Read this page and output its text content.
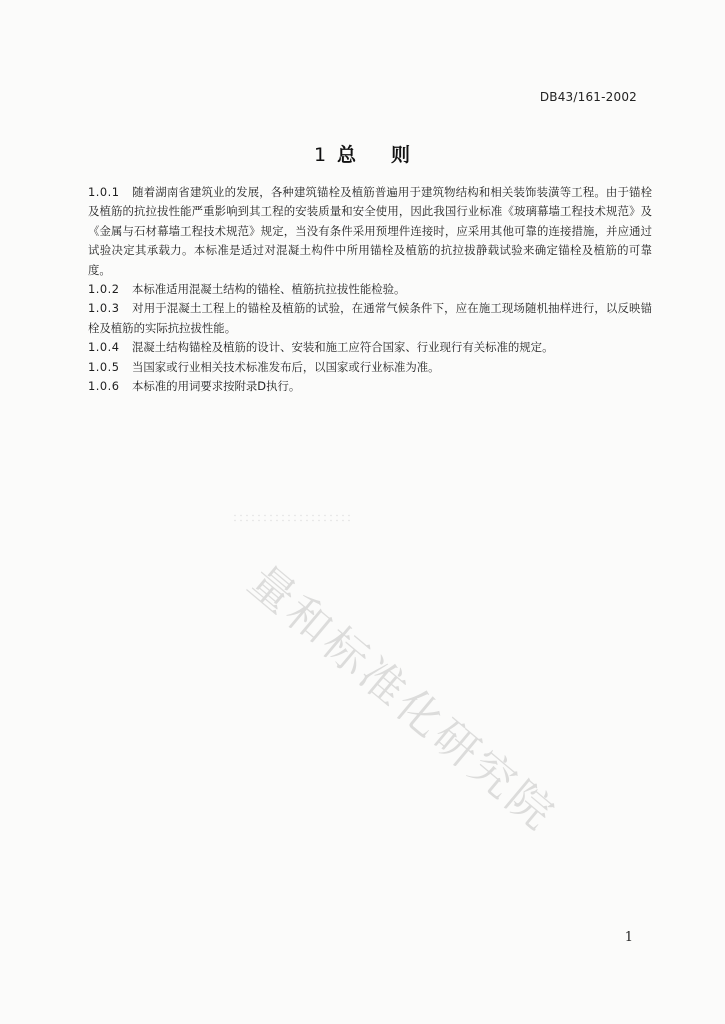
DB43/161-2002
1 总 则

1.0.1 随着湖南省建筑业的发展，各种建筑锚栓及植筋普遍用于建筑物结构和相关装饰装潢等工程。由于锚栓及植筋的抗拉拔性能严重影响到其工程的安装质量和安全使用，因此我国行业标准《玻璃幕墙工程技术规范》及《金属与石材幕墙工程技术规范》规定，当没有条件采用预埋件连接时，应采用其他可靠的连接措施，并应通过试验决定其承载力。本标准是适过对混凝土构件中所用锚栓及植筋的抗拉拔静载试验来确定锚栓及植筋的可靠度。

1.0.2 本标准适用混凝土结构的锚栓、植筋抗拉拔性能检验。

1.0.3 对用于混凝土工程上的锚栓及植筋的试验，在通常气候条件下，应在施工现场随机抽样进行，以反映锚栓及植筋的实际抗拉拔性能。

1.0.4 混凝土结构锚栓及植筋的设计、安装和施工应符合国家、行业现行有关标准的规定。

1.0.5 当国家或行业相关技术标准发布后，以国家或行业标准为准。

1.0.6 本标准的用词要求按附录D执行。

量和标准化研究院
1
